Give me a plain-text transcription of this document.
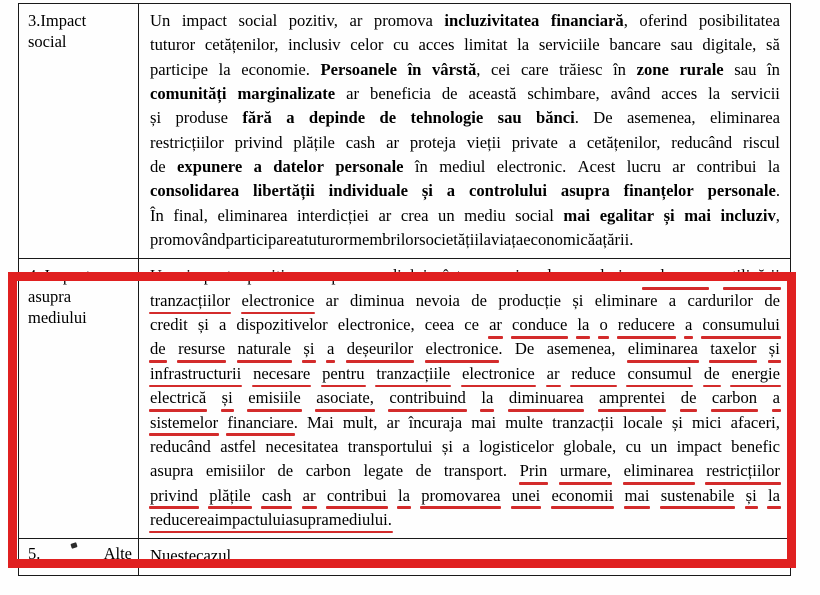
3.Impact
social

Un impact social pozitiv, ar promova incluzivitatea financiară, oferind posibilitatea
tuturor cetățenilor, inclusiv celor cu acces limitat la serviciile bancare sau digitale, să
participe la economie. Persoanele în vârstă, cei care trăiesc în zone rurale sau în
comunități marginalizate ar beneficia de această schimbare, având acces la servicii
și produse fără a depinde de tehnologie sau bănci. De asemenea, eliminarea
restricțiilor privind plățile cash ar proteja vieții private a cetățenilor, reducând riscul
de expunere a datelor personale în mediul electronic. Acest lucru ar contribui la
consolidarea libertății individuale și a controlului asupra finanțelor personale.
În final, eliminarea interdicției ar crea un mediu social mai egalitar și mai incluziv,
promovând participarea tuturor membrilor societății la viața economică a țării.

4. Impact
asupra
mediului

Un impact pozitiv asupra mediului într-o serie de moduri: reducerea utilizării
tranzacțiilor electronice ar diminua nevoia de producție și eliminare a cardurilor de
credit și a dispozitivelor electronice, ceea ce ar conduce la o reducere a consumului
de resurse naturale și a deșeurilor electronice. De asemenea, eliminarea taxelor și
infrastructurii necesare pentru tranzacțiile electronice ar reduce consumul de energie
electrică și emisiile asociate, contribuind la diminuarea amprentei de carbon a
sistemelor financiare. Mai mult, ar încuraja mai multe tranzacții locale și mici afaceri,
reducând astfel necesitatea transportului și a logisticelor globale, cu un impact benefic
asupra emisiilor de carbon legate de transport. Prin urmare, eliminarea restricțiilor
privind plățile cash ar contribui la promovarea unei economii mai sustenabile și la
reducerea impactului asupra mediului.

5. Alte	Nu este cazul.
